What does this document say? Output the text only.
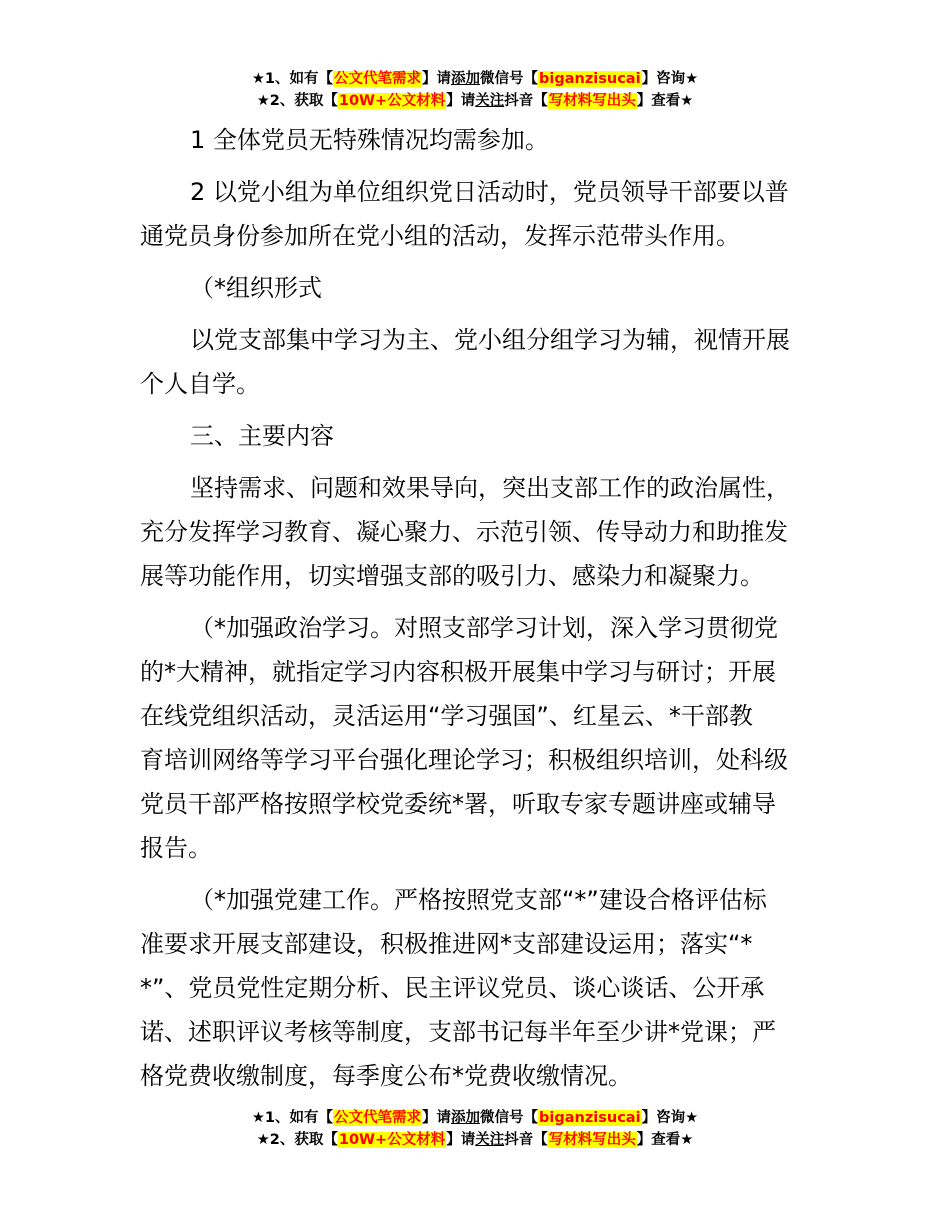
★1、如有【公文代笔需求】请添加微信号【biganzisucai】咨询★
★2、获取【10W+公文材料】请关注抖音【写材料写出头】查看★

1 全体党员无特殊情况均需参加。

2 以党小组为单位组织党日活动时，党员领导干部要以普
通党员身份参加所在党小组的活动，发挥示范带头作用。

（*组织形式

以党支部集中学习为主、党小组分组学习为辅，视情开展
个人自学。

三、主要内容

坚持需求、问题和效果导向，突出支部工作的政治属性，
充分发挥学习教育、凝心聚力、示范引领、传导动力和助推发
展等功能作用，切实增强支部的吸引力、感染力和凝聚力。

（*加强政治学习。对照支部学习计划，深入学习贯彻党
的*大精神，就指定学习内容积极开展集中学习与研讨；开展
在线党组织活动，灵活运用“学习强国”、红星云、*干部教
育培训网络等学习平台强化理论学习；积极组织培训，处科级
党员干部严格按照学校党委统*署，听取专家专题讲座或辅导
报告。

（*加强党建工作。严格按照党支部“*”建设合格评估标
准要求开展支部建设，积极推进网*支部建设运用；落实“*
*”、党员党性定期分析、民主评议党员、谈心谈话、公开承
诺、述职评议考核等制度，支部书记每半年至少讲*党课；严
格党费收缴制度，每季度公布*党费收缴情况。

★1、如有【公文代笔需求】请添加微信号【biganzisucai】咨询★
★2、获取【10W+公文材料】请关注抖音【写材料写出头】查看★
